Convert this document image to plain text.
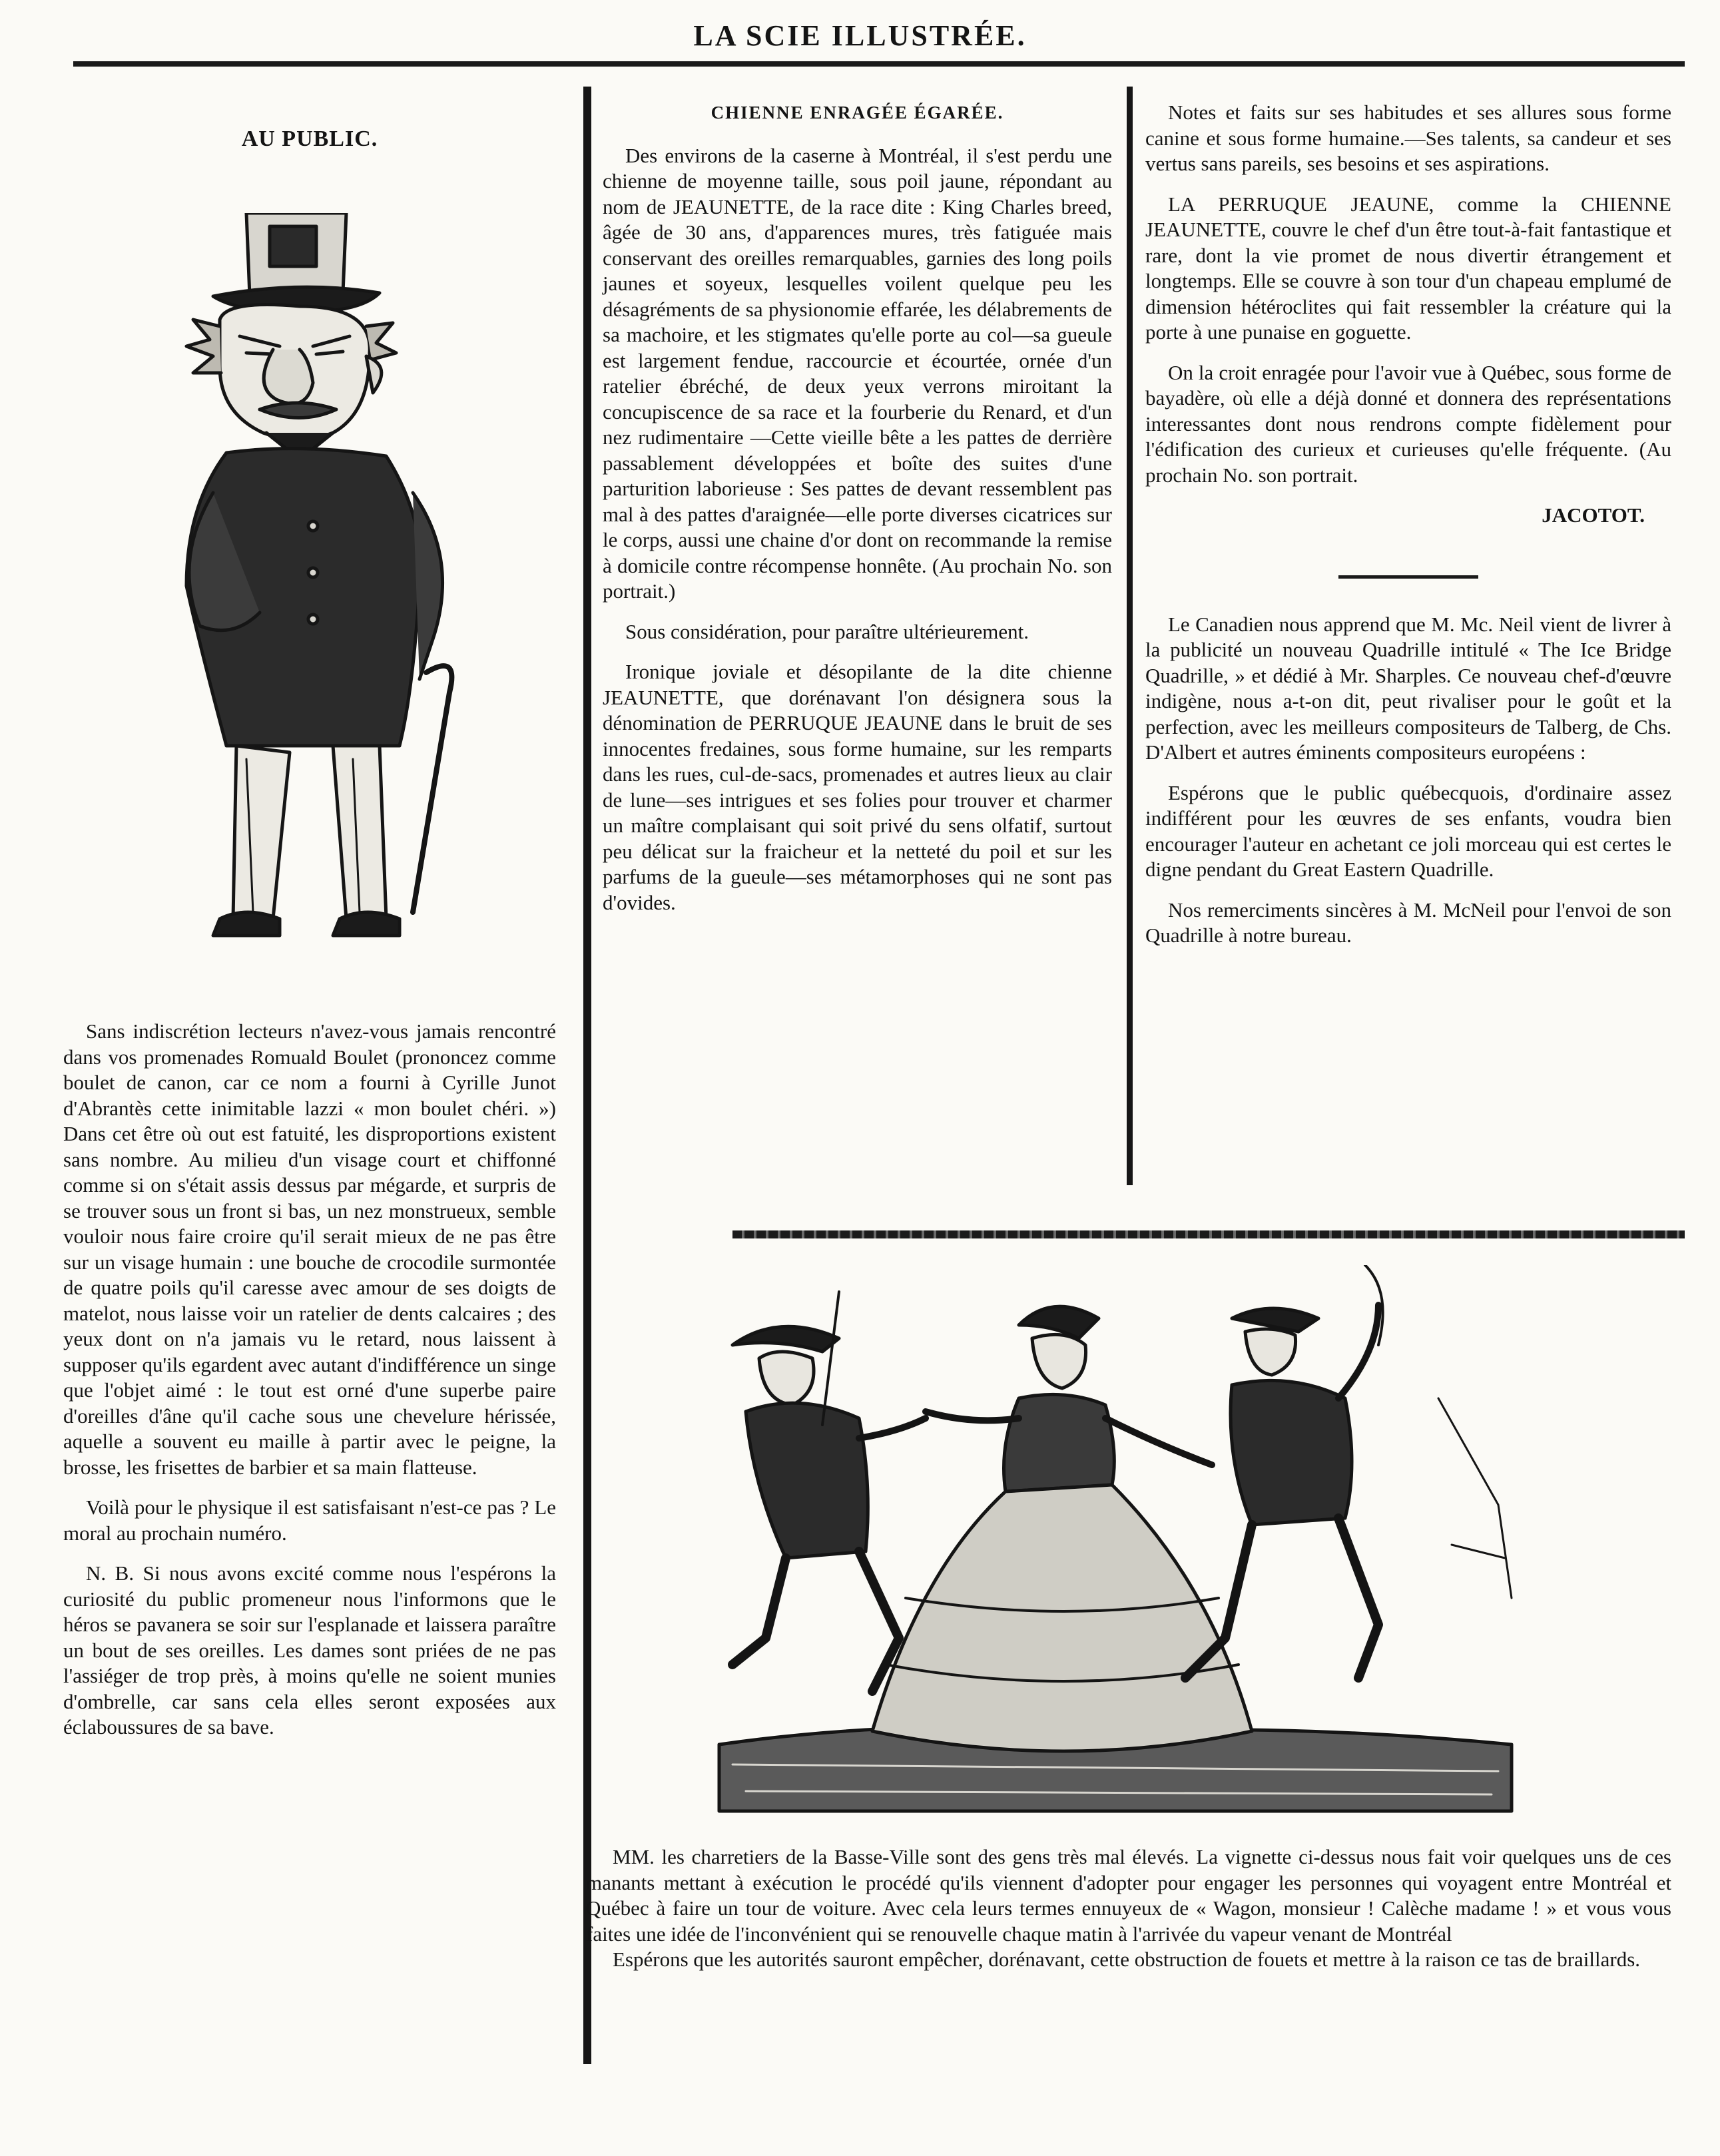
LA SCIE ILLUSTRÉE.
AU PUBLIC.

Sans indiscrétion lecteurs n'avez-vous jamais rencontré dans vos promenades Romuald Boulet (prononcez comme boulet de canon, car ce nom a fourni à Cyrille Junot d'Abrantès cette inimitable lazzi « mon boulet chéri. ») Dans cet être où out est fatuité, les disproportions existent sans nombre. Au milieu d'un visage court et chiffonné comme si on s'était assis dessus par mégarde, et surpris de se trouver sous un front si bas, un nez monstrueux, semble vouloir nous faire croire qu'il serait mieux de ne pas être sur un visage humain : une bouche de crocodile surmontée de quatre poils qu'il caresse avec amour de ses doigts de matelot, nous laisse voir un ratelier de dents calcaires ; des yeux dont on n'a jamais vu le retard, nous laissent à supposer qu'ils egardent avec autant d'indifférence un singe que l'objet aimé : le tout est orné d'une superbe paire d'oreilles d'âne qu'il cache sous une chevelure hérissée, aquelle a souvent eu maille à partir avec le peigne, la brosse, les frisettes de barbier et sa main flatteuse.

Voilà pour le physique il est satisfaisant n'est-ce pas ? Le moral au prochain numéro.

N. B. Si nous avons excité comme nous l'espérons la curiosité du public promeneur nous l'informons que le héros se pavanera se soir sur l'esplanade et laissera paraître un bout de ses oreilles. Les dames sont priées de ne pas l'assiéger de trop près, à moins qu'elle ne soient munies d'ombrelle, car sans cela elles seront exposées aux éclaboussures de sa bave.

CHIENNE ENRAGÉE ÉGARÉE.

Des environs de la caserne à Montréal, il s'est perdu une chienne de moyenne taille, sous poil jaune, répondant au nom de JEAUNETTE, de la race dite : King Charles breed, âgée de 30 ans, d'apparences mures, très fatiguée mais conservant des oreilles remarquables, garnies des long poils jaunes et soyeux, lesquelles voilent quelque peu les désagréments de sa physionomie effarée, les délabrements de sa machoire, et les stigmates qu'elle porte au col—sa gueule est largement fendue, raccourcie et écourtée, ornée d'un ratelier ébréché, de deux yeux verrons miroitant la concupiscence de sa race et la fourberie du Renard, et d'un nez rudimentaire —Cette vieille bête a les pattes de derrière passablement développées et boîte des suites d'une parturition laborieuse : Ses pattes de devant ressemblent pas mal à des pattes d'araignée—elle porte diverses cicatrices sur le corps, aussi une chaine d'or dont on recommande la remise à domicile contre récompense honnête. (Au prochain No. son portrait.)

Sous considération, pour paraître ultérieurement.

Ironique joviale et désopilante de la dite chienne JEAUNETTE, que dorénavant l'on désignera sous la dénomination de PERRUQUE JEAUNE dans le bruit de ses innocentes fredaines, sous forme humaine, sur les remparts dans les rues, cul-de-sacs, promenades et autres lieux au clair de lune—ses intrigues et ses folies pour trouver et charmer un maître complaisant qui soit privé du sens olfatif, surtout peu délicat sur la fraicheur et la netteté du poil et sur les parfums de la gueule—ses métamorphoses qui ne sont pas d'ovides.

Notes et faits sur ses habitudes et ses allures sous forme canine et sous forme humaine.—Ses talents, sa candeur et ses vertus sans pareils, ses besoins et ses aspirations.

LA PERRUQUE JEAUNE, comme la CHIENNE JEAUNETTE, couvre le chef d'un être tout-à-fait fantastique et rare, dont la vie promet de nous divertir étrangement et longtemps. Elle se couvre à son tour d'un chapeau emplumé de dimension hétéroclites qui fait ressembler la créature qui la porte à une punaise en goguette.

On la croit enragée pour l'avoir vue à Québec, sous forme de bayadère, où elle a déjà donné et donnera des représentations interessantes dont nous rendrons compte fidèlement pour l'édification des curieux et curieuses qu'elle fréquente. (Au prochain No. son portrait.

JACOTOT.

Le Canadien nous apprend que M. Mc. Neil vient de livrer à la publicité un nouveau Quadrille intitulé « The Ice Bridge Quadrille, » et dédié à Mr. Sharples. Ce nouveau chef-d'œuvre indigène, nous a-t-on dit, peut rivaliser pour le goût et la perfection, avec les meilleurs compositeurs de Talberg, de Chs. D'Albert et autres éminents compositeurs européens :

Espérons que le public québecquois, d'ordinaire assez indifférent pour les œuvres de ses enfants, voudra bien encourager l'auteur en achetant ce joli morceau qui est certes le digne pendant du Great Eastern Quadrille.

Nos remerciments sincères à M. McNeil pour l'envoi de son Quadrille à notre bureau.

MM. les charretiers de la Basse-Ville sont des gens très mal élevés. La vignette ci-dessus nous fait voir quelques uns de ces manants mettant à exécution le procédé qu'ils viennent d'adopter pour engager les personnes qui voyagent entre Montréal et Québec à faire un tour de voiture. Avec cela leurs termes ennuyeux de « Wagon, monsieur ! Calèche madame ! » et vous vous faites une idée de l'inconvénient qui se renouvelle chaque matin à l'arrivée du vapeur venant de Montréal

Espérons que les autorités sauront empêcher, dorénavant, cette obstruction de fouets et mettre à la raison ce tas de braillards.
